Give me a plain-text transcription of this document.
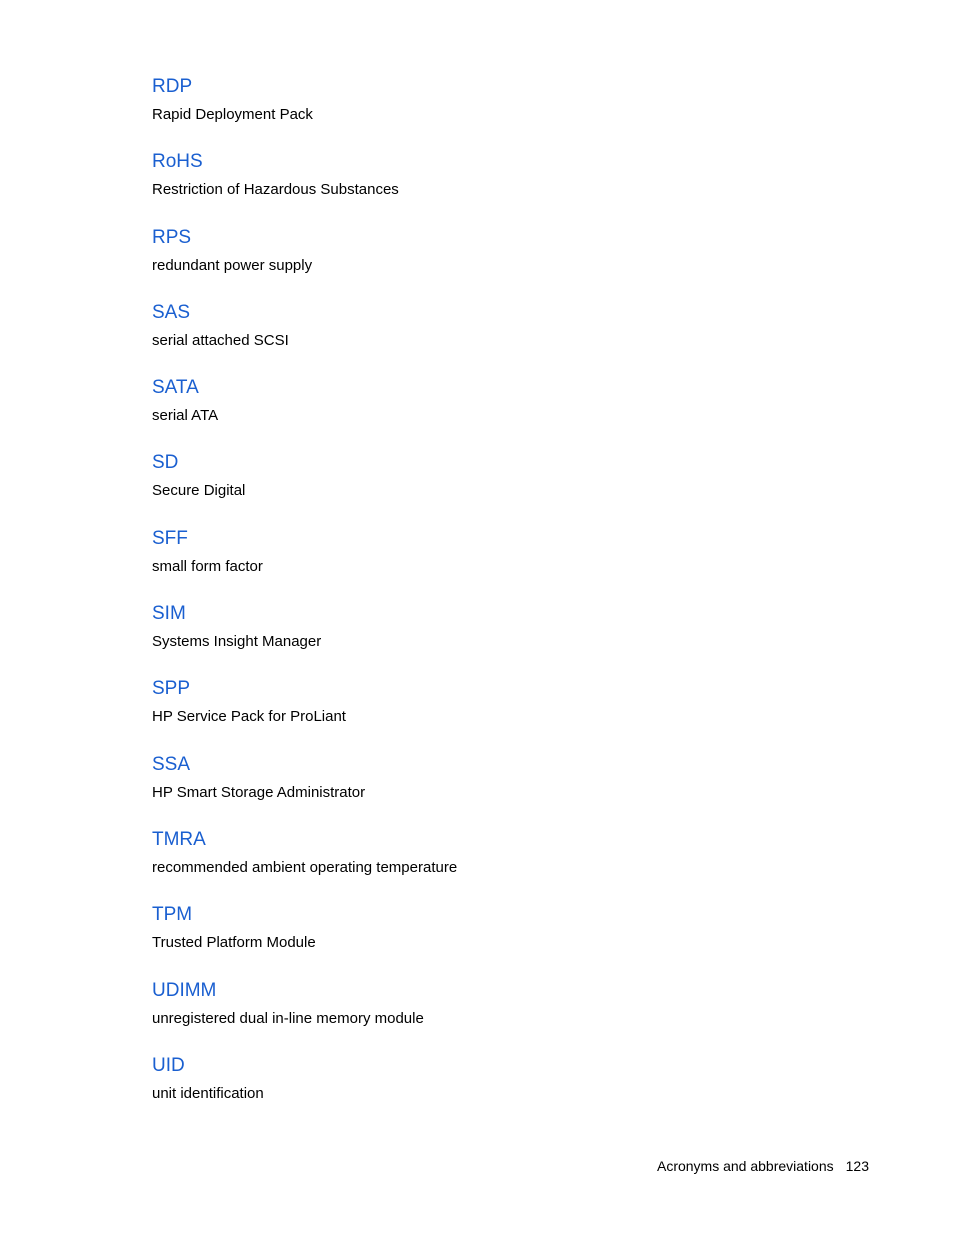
RDP

Rapid Deployment Pack

RoHS

Restriction of Hazardous Substances

RPS

redundant power supply

SAS

serial attached SCSI

SATA

serial ATA

SD

Secure Digital

SFF

small form factor

SIM

Systems Insight Manager

SPP

HP Service Pack for ProLiant

SSA

HP Smart Storage Administrator

TMRA

recommended ambient operating temperature

TPM

Trusted Platform Module

UDIMM

unregistered dual in-line memory module

UID

unit identification

Acronyms and abbreviations 123
